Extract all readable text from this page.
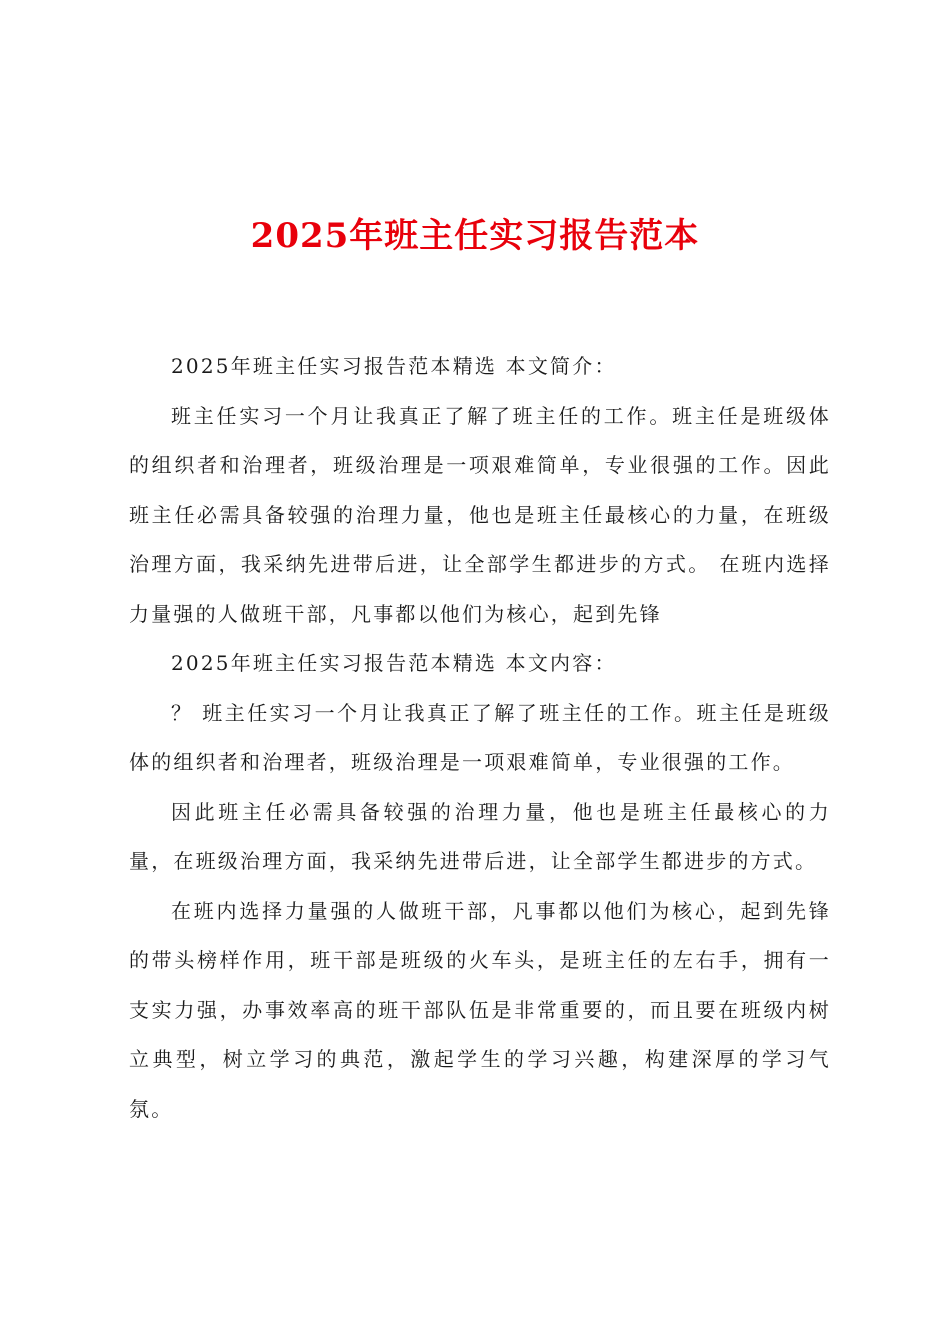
2025年班主任实习报告范本

2025年班主任实习报告范本精选 本文简介：

班主任实习一个月让我真正了解了班主任的工作。班主任是班级体的组织者和治理者，班级治理是一项艰难简单，专业很强的工作。因此班主任必需具备较强的治理力量，他也是班主任最核心的力量，在班级治理方面，我采纳先进带后进，让全部学生都进步的方式。 在班内选择力量强的人做班干部，凡事都以他们为核心，起到先锋

2025年班主任实习报告范本精选 本文内容：

？ 班主任实习一个月让我真正了解了班主任的工作。班主任是班级体的组织者和治理者，班级治理是一项艰难简单，专业很强的工作。

因此班主任必需具备较强的治理力量，他也是班主任最核心的力量，在班级治理方面，我采纳先进带后进，让全部学生都进步的方式。

在班内选择力量强的人做班干部，凡事都以他们为核心，起到先锋的带头榜样作用，班干部是班级的火车头，是班主任的左右手，拥有一支实力强，办事效率高的班干部队伍是非常重要的，而且要在班级内树立典型，树立学习的典范，激起学生的学习兴趣，构建深厚的学习气氛。
